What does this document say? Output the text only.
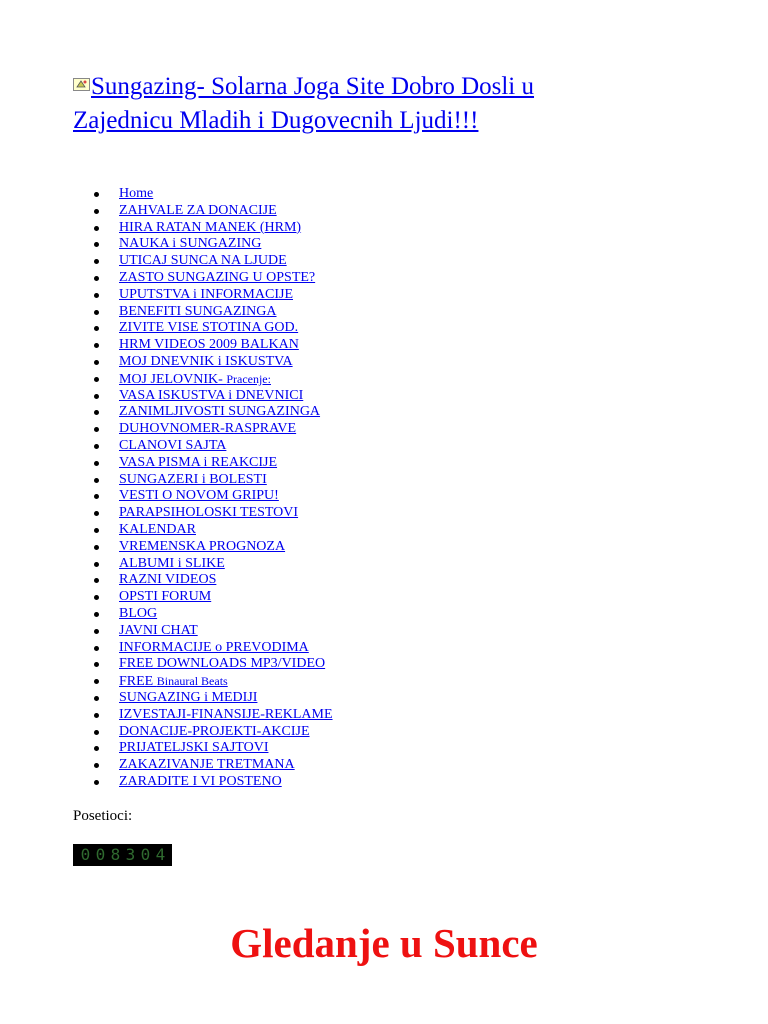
Sungazing- Solarna Joga Site Dobro Dosli u Zajednicu Mladih i Dugovecnih Ljudi!!!
Home
ZAHVALE ZA DONACIJE
HIRA RATAN MANEK (HRM)
NAUKA i SUNGAZING
UTICAJ SUNCA NA LJUDE
ZASTO SUNGAZING U OPSTE?
UPUTSTVA i INFORMACIJE
BENEFITI SUNGAZINGA
ZIVITE VISE STOTINA GOD.
HRM VIDEOS 2009 BALKAN
MOJ DNEVNIK i ISKUSTVA
MOJ JELOVNIK- Pracenje:
VASA ISKUSTVA i DNEVNICI
ZANIMLJIVOSTI SUNGAZINGA
DUHOVNOMER-RASPRAVE
CLANOVI SAJTA
VASA PISMA i REAKCIJE
SUNGAZERI i BOLESTI
VESTI O NOVOM GRIPU!
PARAPSIHOLOSKI TESTOVI
KALENDAR
VREMENSKA PROGNOZA
ALBUMI i SLIKE
RAZNI VIDEOS
OPSTI FORUM
BLOG
JAVNI CHAT
INFORMACIJE o PREVODIMA
FREE DOWNLOADS MP3/VIDEO
FREE Binaural Beats
SUNGAZING i MEDIJI
IZVESTAJI-FINANSIJE-REKLAME
DONACIJE-PROJEKTI-AKCIJE
PRIJATELJSKI SAJTOVI
ZAKAZIVANJE TRETMANA
ZARADITE I VI POSTENO
Posetioci:
0 0 8 3 0 4
Gledanje u Sunce
